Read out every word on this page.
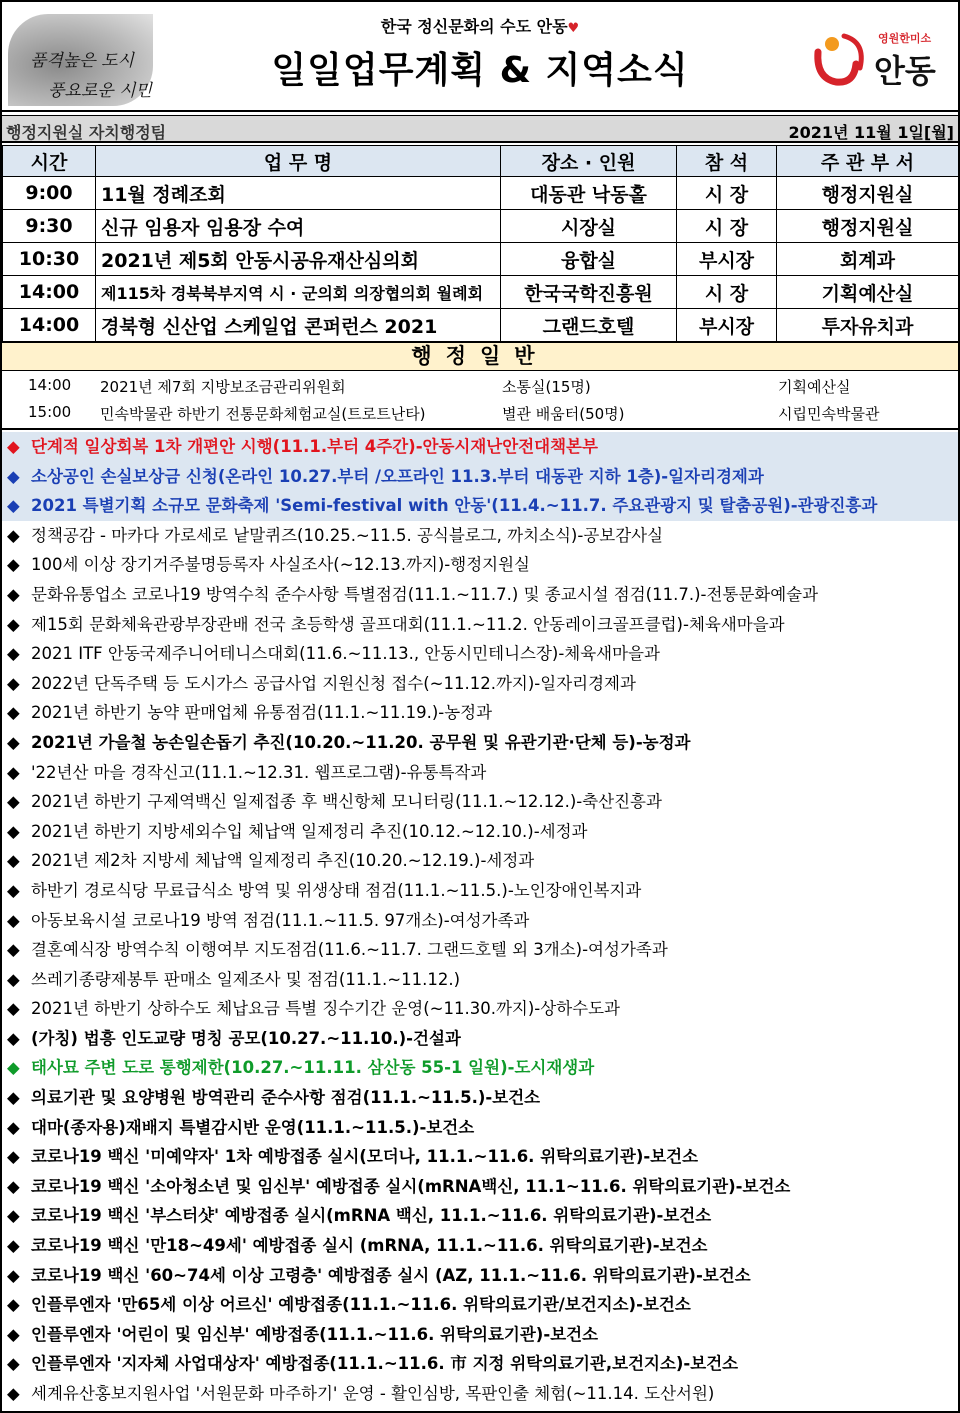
품격높은 도시
풍요로운 시민
한국 정신문화의 수도 안동♥
일일업무계획 & 지역소식
영원한미소
안동
행정지원실 자치행정팀	2021년 11월 1일[월]
시간	업 무 명	장소 · 인원	참 석	주 관 부 서
9:00	11월 정례조회	대동관 낙동홀	시 장	행정지원실
9:30	신규 임용자 임용장 수여	시장실	시 장	행정지원실
10:30	2021년 제5회 안동시공유재산심의회	융합실	부시장	회계과
14:00	제115차 경북북부지역 시 · 군의회 의장협의회 월례회	한국국학진흥원	시 장	기획예산실
14:00	경북형 신산업 스케일업 콘퍼런스 2021	그랜드호텔	부시장	투자유치과
행정일반
14:00 2021년 제7회 지방보조금관리위원회	소통실(15명)	기획예산실
15:00 민속박물관 하반기 전통문화체험교실(트로트난타)	별관 배움터(50명)	시립민속박물관
◆ 단계적 일상회복 1차 개편안 시행(11.1.부터 4주간)-안동시재난안전대책본부
◆ 소상공인 손실보상금 신청(온라인 10.27.부터 /오프라인 11.3.부터 대동관 지하 1층)-일자리경제과
◆ 2021 특별기획 소규모 문화축제 'Semi-festival with 안동'(11.4.~11.7. 주요관광지 및 탈춤공원)-관광진흥과
◆ 정책공감 - 마카다 가로세로 낱말퀴즈(10.25.~11.5. 공식블로그, 까치소식)-공보감사실
◆ 100세 이상 장기거주불명등록자 사실조사(~12.13.까지)-행정지원실
◆ 문화유통업소 코로나19 방역수칙 준수사항 특별점검(11.1.~11.7.) 및 종교시설 점검(11.7.)-전통문화예술과
◆ 제15회 문화체육관광부장관배 전국 초등학생 골프대회(11.1.~11.2. 안동레이크골프클럽)-체육새마을과
◆ 2021 ITF 안동국제주니어테니스대회(11.6.~11.13., 안동시민테니스장)-체육새마을과
◆ 2022년 단독주택 등 도시가스 공급사업 지원신청 접수(~11.12.까지)-일자리경제과
◆ 2021년 하반기 농약 판매업체 유통점검(11.1.~11.19.)-농정과
◆ 2021년 가을철 농손일손돕기 추진(10.20.~11.20. 공무원 및 유관기관·단체 등)-농정과
◆ '22년산 마을 경작신고(11.1.~12.31. 웹프로그램)-유통특작과
◆ 2021년 하반기 구제역백신 일제접종 후 백신항체 모니터링(11.1.~12.12.)-축산진흥과
◆ 2021년 하반기 지방세외수입 체납액 일제정리 추진(10.12.~12.10.)-세정과
◆ 2021년 제2차 지방세 체납액 일제정리 추진(10.20.~12.19.)-세정과
◆ 하반기 경로식당 무료급식소 방역 및 위생상태 점검(11.1.~11.5.)-노인장애인복지과
◆ 아동보육시설 코로나19 방역 점검(11.1.~11.5. 97개소)-여성가족과
◆ 결혼예식장 방역수칙 이행여부 지도점검(11.6.~11.7. 그랜드호텔 외 3개소)-여성가족과
◆ 쓰레기종량제봉투 판매소 일제조사 및 점검(11.1.~11.12.)
◆ 2021년 하반기 상하수도 체납요금 특별 징수기간 운영(~11.30.까지)-상하수도과
◆ (가칭) 법흥 인도교량 명칭 공모(10.27.~11.10.)-건설과
◆ 태사묘 주변 도로 통행제한(10.27.~11.11. 삼산동 55-1 일원)-도시재생과
◆ 의료기관 및 요양병원 방역관리 준수사항 점검(11.1.~11.5.)-보건소
◆ 대마(종자용)재배지 특별감시반 운영(11.1.~11.5.)-보건소
◆ 코로나19 백신 '미예약자' 1차 예방접종 실시(모더나, 11.1.~11.6. 위탁의료기관)-보건소
◆ 코로나19 백신 '소아청소년 및 임신부' 예방접종 실시(mRNA백신, 11.1~11.6. 위탁의료기관)-보건소
◆ 코로나19 백신 '부스터샷' 예방접종 실시(mRNA 백신, 11.1.~11.6. 위탁의료기관)-보건소
◆ 코로나19 백신 '만18~49세' 예방접종 실시 (mRNA, 11.1.~11.6. 위탁의료기관)-보건소
◆ 코로나19 백신 '60~74세 이상 고령층' 예방접종 실시 (AZ, 11.1.~11.6. 위탁의료기관)-보건소
◆ 인플루엔자 '만65세 이상 어르신' 예방접종(11.1.~11.6. 위탁의료기관/보건지소)-보건소
◆ 인플루엔자 '어린이 및 임신부' 예방접종(11.1.~11.6. 위탁의료기관)-보건소
◆ 인플루엔자 '지자체 사업대상자' 예방접종(11.1.~11.6. 市 지정 위탁의료기관,보건지소)-보건소
◆ 세계유산홍보지원사업 '서원문화 마주하기' 운영 - 활인심방, 목판인출 체험(~11.14. 도산서원)
